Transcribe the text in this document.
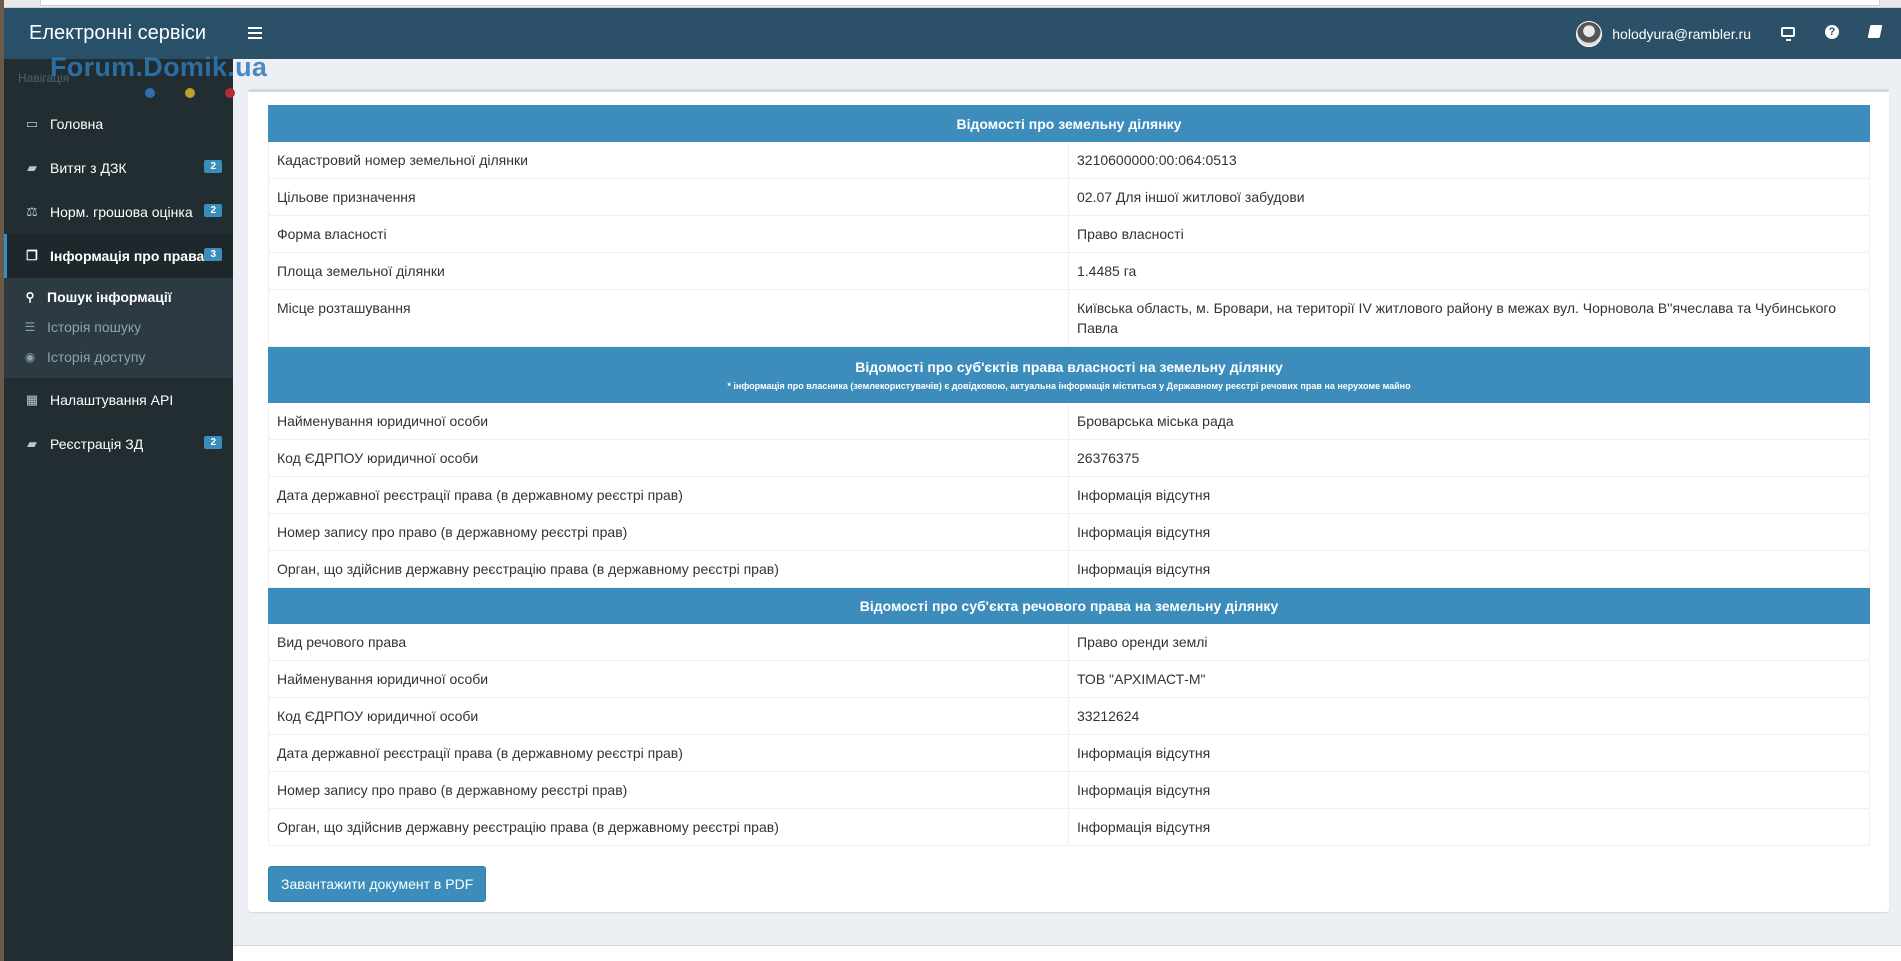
Електронні сервіси	holodyura@rambler.ru	?
Навігація
▭ Головна
▰ Витяг з ДЗК	2
⚖ Норм. грошова оцінка	2
❐ Інформація про права 3
⚲ Пошук інформації
☰ Історія пошуку
◉ Історія доступу
▦ Налаштування API
▰ Реєстрація ЗД	2
Forum.Domik.ua
Відомості про земельну ділянку	
Кадастровий номер земельної ділянки	3210600000:00:064:0513
Цільове призначення	02.07 Для іншої житлової забудови
Форма власності	Право власності
Площа земельної ділянки	1.4485 га
Місце розташування	Київська область, м. Бровари, на території IV житлового району в межах вул. Чорновола В''ячеслава та Чубинського Павла
Відомості про суб'єктів права власності на земельну ділянку
* інформація про власника (землекористувачів) є довідковою, актуальна інформація міститься у Державному реєстрі речових прав на нерухоме майно	

Найменування юридичної особи	Броварська міська рада
Код ЄДРПОУ юридичної особи	26376375
Дата державної реєстрації права (в державному реєстрі прав)	Інформація відсутня
Номер запису про право (в державному реєстрі прав)	Інформація відсутня
Орган, що здійснив державну реєстрацію права (в державному реєстрі прав)	Інформація відсутня
Відомості про суб'єкта речового права на земельну ділянку	
Вид речового права	Право оренди землі
Найменування юридичної особи	ТОВ "АРХІМАСТ-М"
Код ЄДРПОУ юридичної особи	33212624
Дата державної реєстрації права (в державному реєстрі прав)	Інформація відсутня
Номер запису про право (в державному реєстрі прав)	Інформація відсутня
Орган, що здійснив державну реєстрацію права (в державному реєстрі прав)	Інформація відсутня
Завантажити документ в PDF
